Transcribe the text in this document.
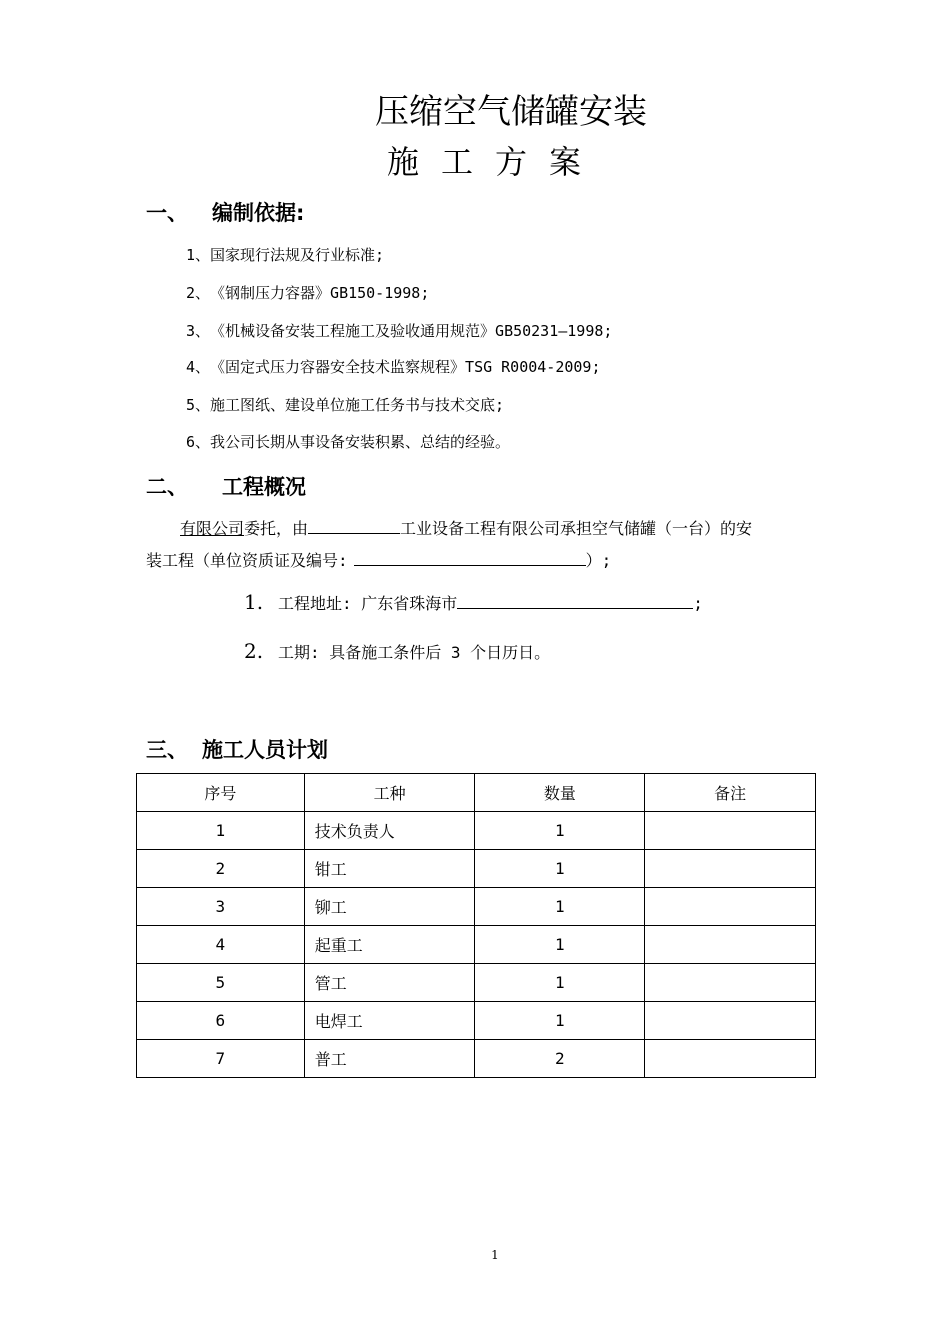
压缩空气储罐安装
施工方案
一、 编制依据:
1、国家现行法规及行业标准;
2、《钢制压力容器》GB150-1998;
3、《机械设备安装工程施工及验收通用规范》GB50231—1998;
4、《固定式压力容器安全技术监察规程》TSG R0004-2009;
5、施工图纸、建设单位施工任务书与技术交底;
6、我公司长期从事设备安装积累、总结的经验。
二、 工程概况
有限公司委托，由	工业设备工程有限公司承担空气储罐（一台）的安
装工程（单位资质证及编号:	）;
1. 工程地址: 广东省珠海市	;
2. 工期: 具备施工条件后 3 个日历日。
三、 施工人员计划
序号	工种	数量	备注
1	技术负责人	1	
2	钳工	1	
3	铆工	1	
4	起重工	1	
5	管工	1	
6	电焊工	1	
7	普工	2	
1
